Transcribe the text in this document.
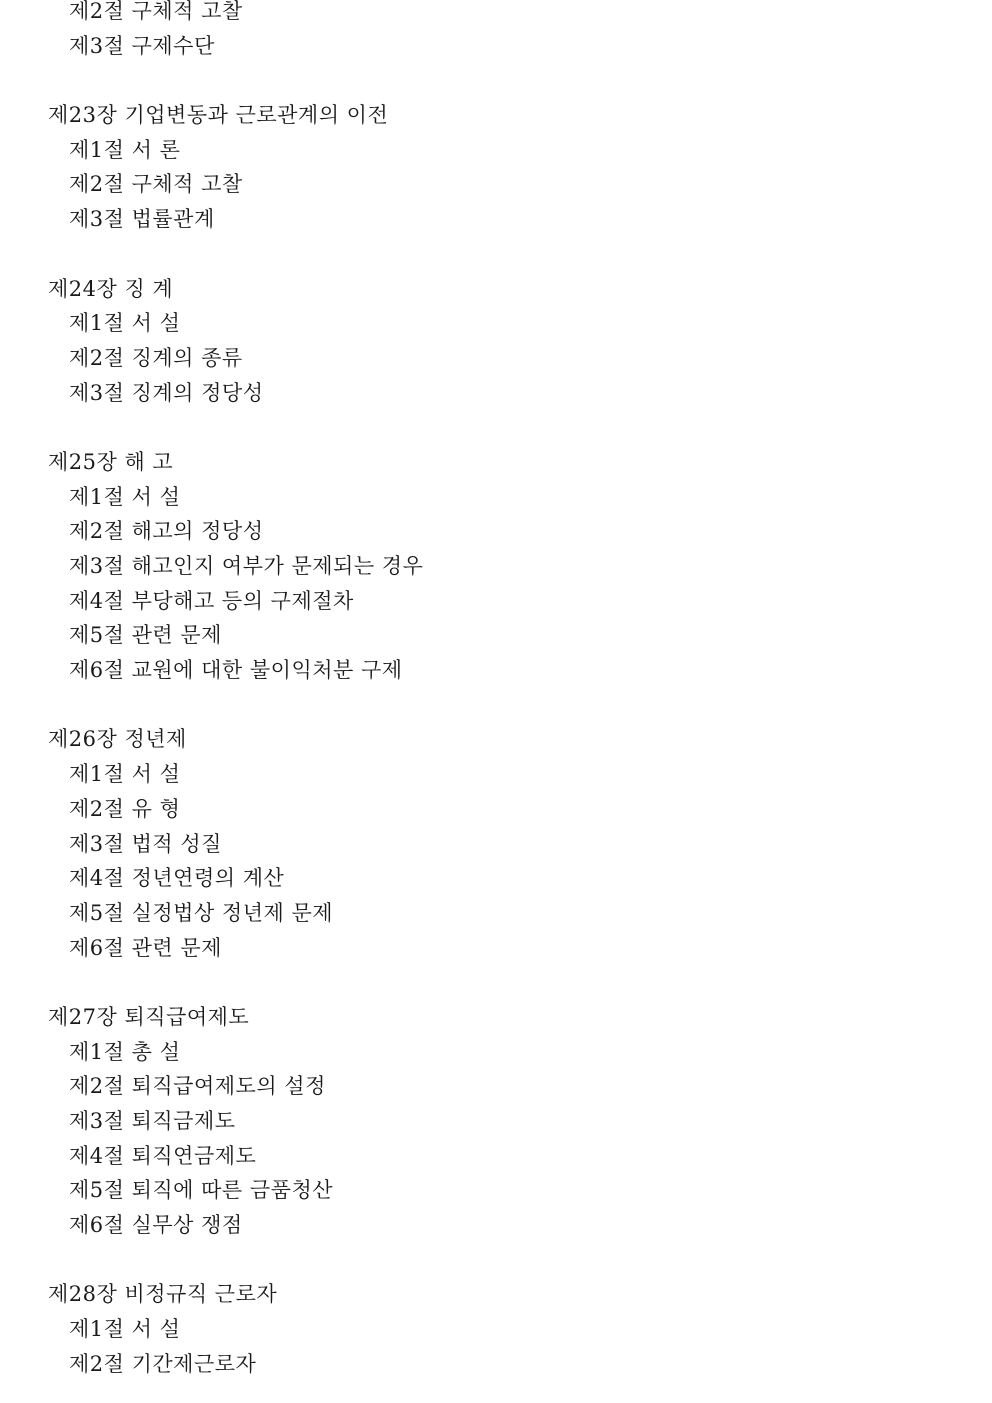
제2절 구체적 고찰
제3절 구제수단
제23장 기업변동과 근로관계의 이전
제1절 서 론
제2절 구체적 고찰
제3절 법률관계
제24장 징 계
제1절 서 설
제2절 징계의 종류
제3절 징계의 정당성
제25장 해 고
제1절 서 설
제2절 해고의 정당성
제3절 해고인지 여부가 문제되는 경우
제4절 부당해고 등의 구제절차
제5절 관련 문제
제6절 교원에 대한 불이익처분 구제
제26장 정년제
제1절 서 설
제2절 유 형
제3절 법적 성질
제4절 정년연령의 계산
제5절 실정법상 정년제 문제
제6절 관련 문제
제27장 퇴직급여제도
제1절 총 설
제2절 퇴직급여제도의 설정
제3절 퇴직금제도
제4절 퇴직연금제도
제5절 퇴직에 따른 금품청산
제6절 실무상 쟁점
제28장 비정규직 근로자
제1절 서 설
제2절 기간제근로자
